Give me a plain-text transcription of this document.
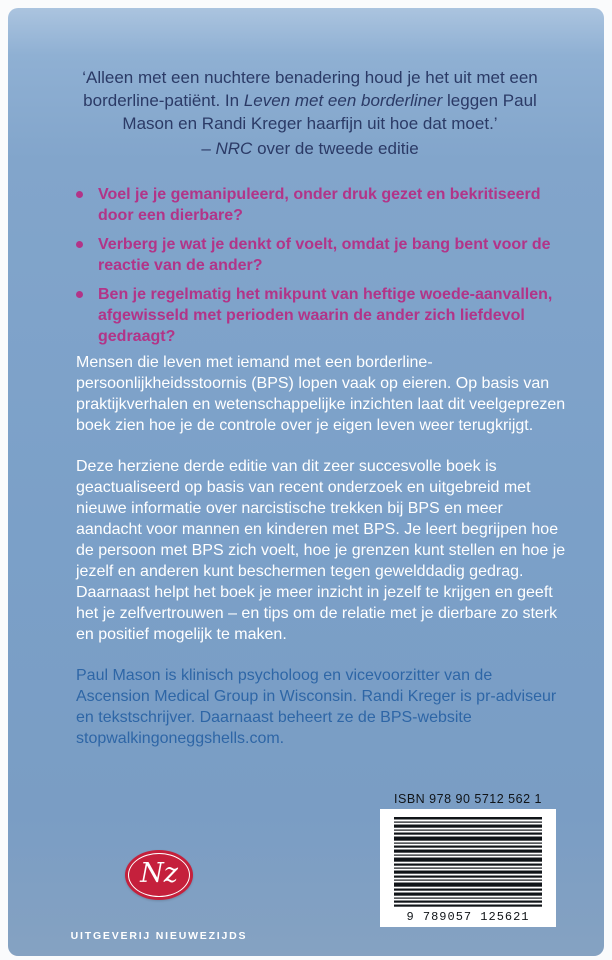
‘Alleen met een nuchtere benadering houd je het uit met een borderline-patiënt. In Leven met een borderliner leggen Paul Mason en Randi Kreger haarfijn uit hoe dat moet.’
– NRC over de tweede editie
Voel je je gemanipuleerd, onder druk gezet en bekritiseerd door een dierbare?
Verberg je wat je denkt of voelt, omdat je bang bent voor de reactie van de ander?
Ben je regelmatig het mikpunt van heftige woede-aanvallen, afgewisseld met perioden waarin de ander zich liefdevol gedraagt?

Mensen die leven met iemand met een borderline-persoonlijkheidsstoornis (BPS) lopen vaak op eieren. Op basis van praktijkverhalen en wetenschappelijke inzichten laat dit veelgeprezen boek zien hoe je de controle over je eigen leven weer terugkrijgt.

Deze herziene derde editie van dit zeer succesvolle boek is geactualiseerd op basis van recent onderzoek en uitgebreid met nieuwe informatie over narcistische trekken bij BPS en meer aandacht voor mannen en kinderen met BPS. Je leert begrijpen hoe de persoon met BPS zich voelt, hoe je grenzen kunt stellen en hoe je jezelf en anderen kunt beschermen tegen gewelddadig gedrag. Daarnaast helpt het boek je meer inzicht in jezelf te krijgen en geeft het je zelfvertrouwen – en tips om de relatie met je dierbare zo sterk en positief mogelijk te maken.

Paul Mason is klinisch psycholoog en vicevoorzitter van de Ascension Medical Group in Wisconsin. Randi Kreger is pr-adviseur en tekstschrijver. Daarnaast beheert ze de BPS-website stopwalkingoneggshells.com.

ISBN 978 90 5712 562 1
9 789057 125621
Nz
UITGEVERIJ NIEUWEZIJDS
